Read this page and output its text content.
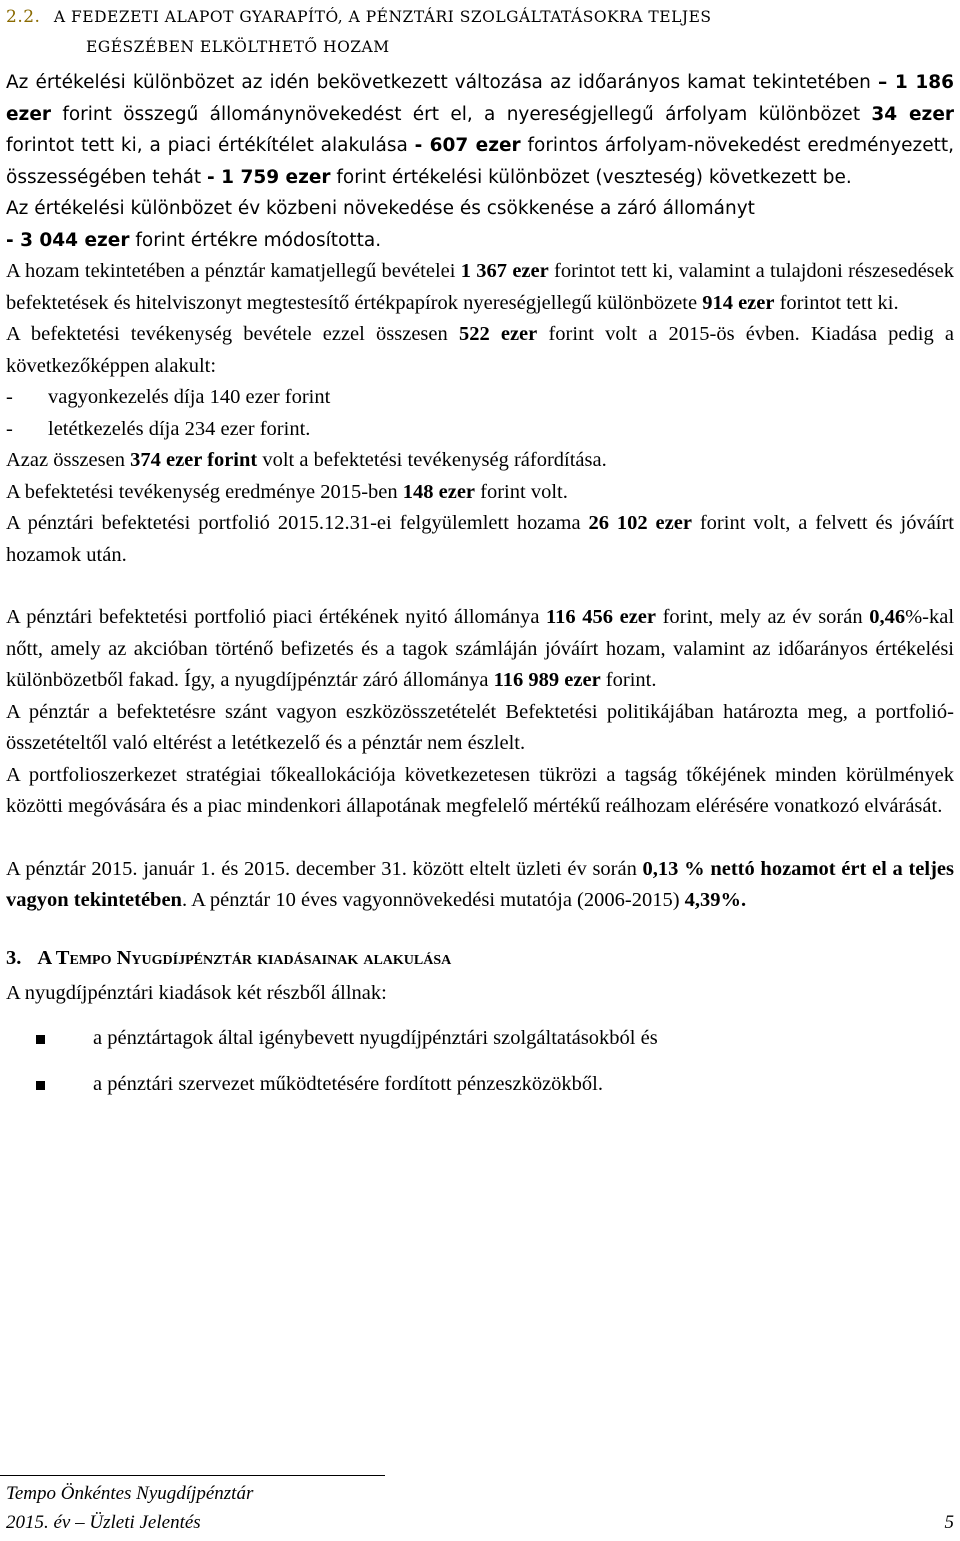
2.2. A FEDEZETI ALAPOT GYARAPÍTÓ, A PÉNZTÁRI SZOLGÁLTATÁSOKRA TELJES
EGÉSZÉBEN ELKÖLTHETŐ HOZAM

Az értékelési különbözet az idén bekövetkezett változása az időarányos kamat tekintetében – 1 186 ezer forint összegű állománynövekedést ért el, a nyereségjellegű árfolyam különbözet 34 ezer forintot tett ki, a piaci értékítélet alakulása - 607 ezer forintos árfolyam-növekedést eredményezett, összességében tehát - 1 759 ezer forint értékelési különbözet (veszteség) következett be.

Az értékelési különbözet év közbeni növekedése és csökkenése a záró állományt
- 3 044 ezer forint értékre módosította.

A hozam tekintetében a pénztár kamatjellegű bevételei 1 367 ezer forintot tett ki, valamint a tulajdoni részesedések befektetések és hitelviszonyt megtestesítő értékpapírok nyereségjellegű különbözete 914 ezer forintot tett ki.

A befektetési tevékenység bevétele ezzel összesen 522 ezer forint volt a 2015-ös évben. Kiadása pedig a következőképpen alakult:

-	vagyonkezelés díja 140 ezer forint
-	letétkezelés díja 234 ezer forint.

Azaz összesen 374 ezer forint volt a befektetési tevékenység ráfordítása.

A befektetési tevékenység eredménye 2015-ben 148 ezer forint volt.

A pénztári befektetési portfolió 2015.12.31-ei felgyülemlett hozama 26 102 ezer forint volt, a felvett és jóváírt hozamok után.

A pénztári befektetési portfolió piaci értékének nyitó állománya 116 456 ezer forint, mely az év során 0,46%-kal nőtt, amely az akcióban történő befizetés és a tagok számláján jóváírt hozam, valamint az időarányos értékelési különbözetből fakad. Így, a nyugdíjpénztár záró állománya 116 989 ezer forint.

A pénztár a befektetésre szánt vagyon eszközösszetételét Befektetési politikájában határozta meg, a portfolió-összetételtől való eltérést a letétkezelő és a pénztár nem észlelt.

A portfolioszerkezet stratégiai tőkeallokációja következetesen tükrözi a tagság tőkéjének minden körülmények közötti megóvására és a piac mindenkori állapotának megfelelő mértékű reálhozam elérésére vonatkozó elvárását.

A pénztár 2015. január 1. és 2015. december 31. között eltelt üzleti év során 0,13 % nettó hozamot ért el a teljes vagyon tekintetében. A pénztár 10 éves vagyonnövekedési mutatója (2006-2015) 4,39%.

3. A Tempo Nyugdíjpénztár kiadásainak alakulása

A nyugdíjpénztári kiadások két részből állnak:

a pénztártagok által igénybevett nyugdíjpénztári szolgáltatásokból és
a pénztári szervezet működtetésére fordított pénzeszközökből.
Tempo Önkéntes Nyugdíjpénztár
2015. év – Üzleti Jelentés	5
